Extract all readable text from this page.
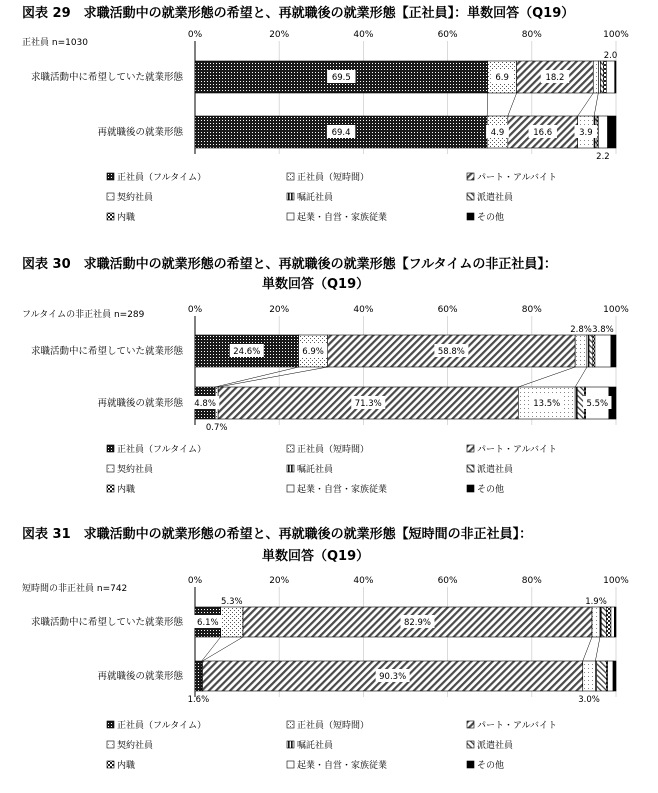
図表 29　求職活動中の就業形態の希望と、再就職後の就業形態【正社員】：単数回答（Q19）
正社員 n=1030
0%	20%	40%	60%	80%	100%
求職活動中に希望していた就業形態
再就職後の就業形態
69.5	6.9	18.2
2.0
69.4	4.9	16.6	3.9
2.2
正社員（フルタイム）	正社員（短時間）	パート・アルバイト
契約社員	嘱託社員	派遣社員
内職	起業・自営・家族従業	その他
図表 30　求職活動中の就業形態の希望と、再就職後の就業形態【フルタイムの非正社員】：
単数回答（Q19）
フルタイムの非正社員 n=289	0%	20%	40%	60%	80%	100%
求職活動中に希望していた就業形態
再就職後の就業形態
24.6%	6.9%	58.8%
2.8% 3.8%
4.8%
0.7%
71.3%	13.5%	5.5%
正社員（フルタイム）	正社員（短時間）	パート・アルバイト
契約社員	嘱託社員	派遣社員
内職	起業・自営・家族従業	その他
図表 31　求職活動中の就業形態の希望と、再就職後の就業形態【短時間の非正社員】：
単数回答（Q19）
短時間の非正社員 n=742
0%	20%	40%	60%	80%	100%
求職活動中に希望していた就業形態
再就職後の就業形態
6.1%
5.3%
82.9%
1.9%
1.6%
90.3%
3.0%
正社員（フルタイム）	正社員（短時間）	パート・アルバイト
契約社員	嘱託社員	派遣社員
内職	起業・自営・家族従業	その他
